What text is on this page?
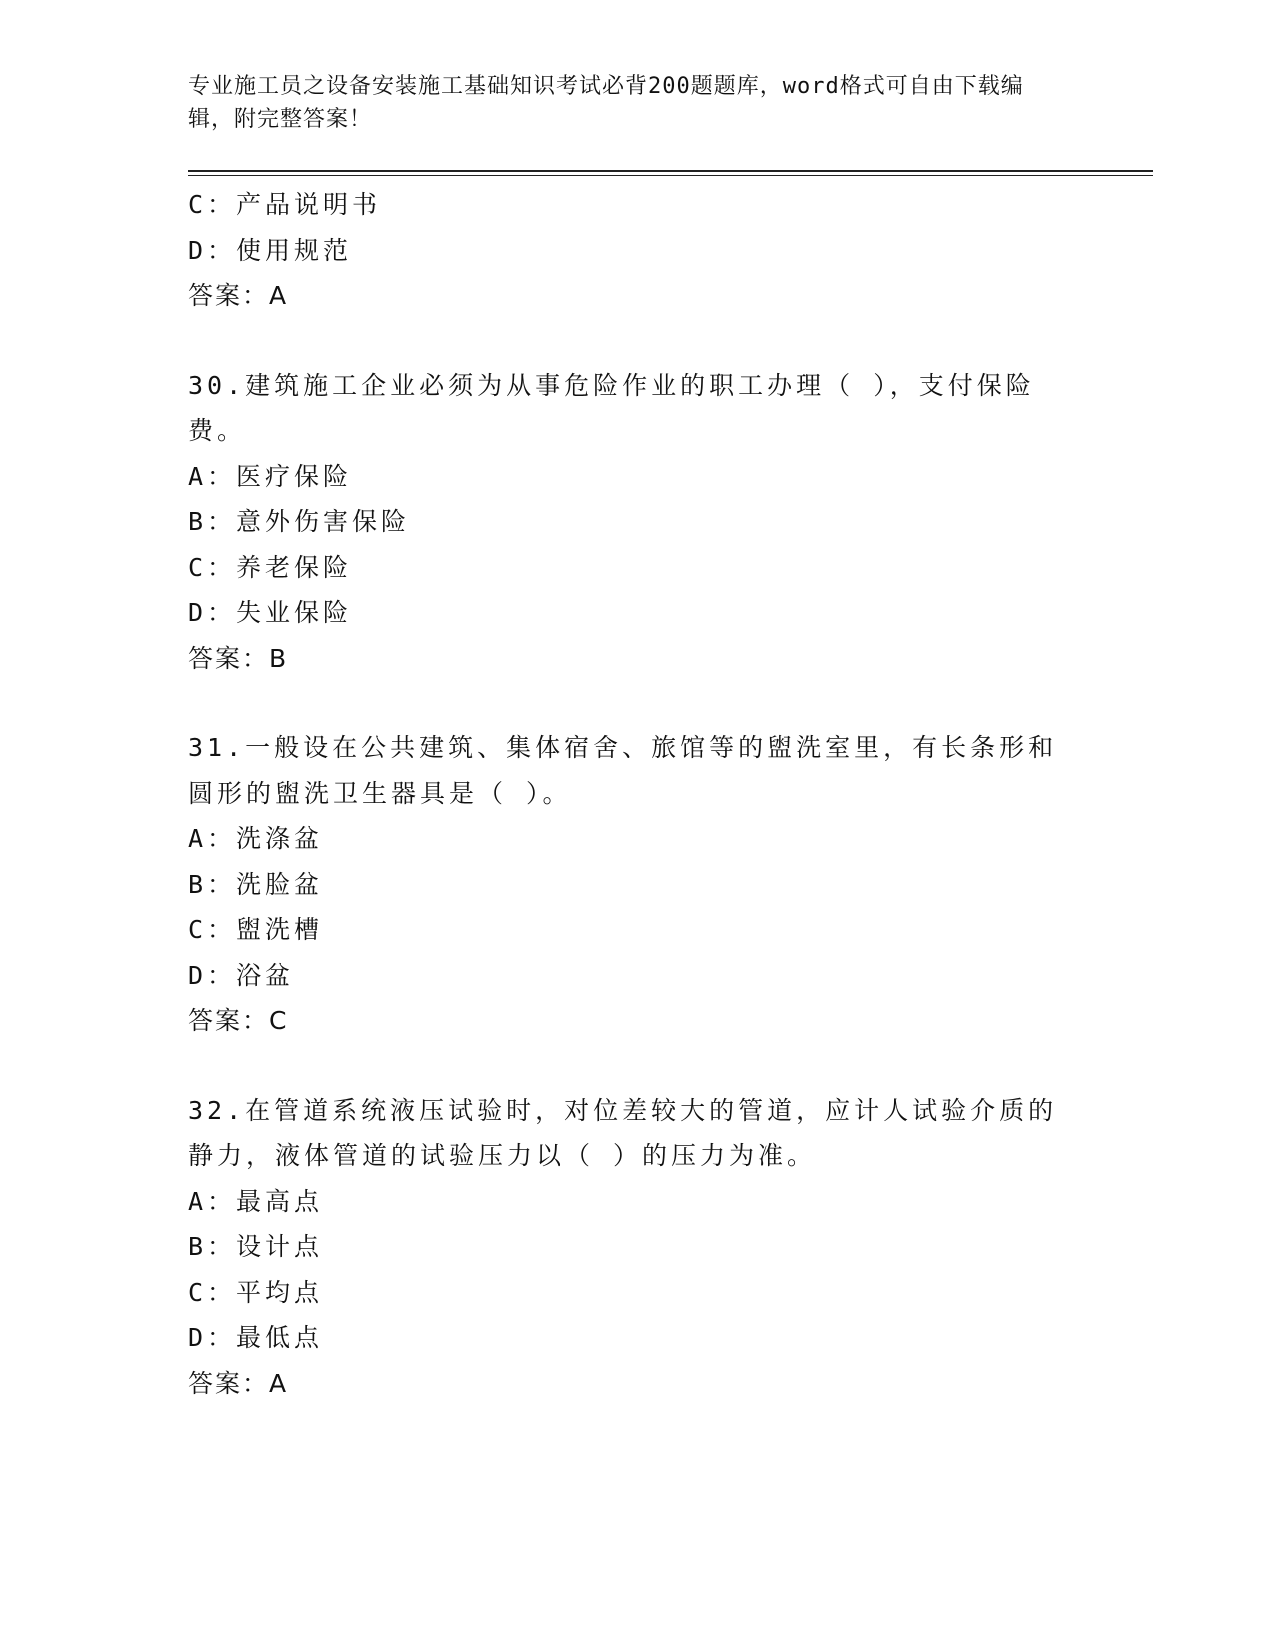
专业施工员之设备安装施工基础知识考试必背200题题库，word格式可自由下载编辑，附完整答案！

C：产品说明书
D：使用规范
答案：A
30.建筑施工企业必须为从事危险作业的职工办理（ ），支付保险费。
A：医疗保险
B：意外伤害保险
C：养老保险
D：失业保险
答案：B
31.一般设在公共建筑、集体宿舍、旅馆等的盥洗室里，有长条形和圆形的盥洗卫生器具是（ ）。
A：洗涤盆
B：洗脸盆
C：盥洗槽
D：浴盆
答案：C
32.在管道系统液压试验时，对位差较大的管道，应计人试验介质的静力，液体管道的试验压力以（ ）的压力为准。
A：最高点
B：设计点
C：平均点
D：最低点
答案：A
